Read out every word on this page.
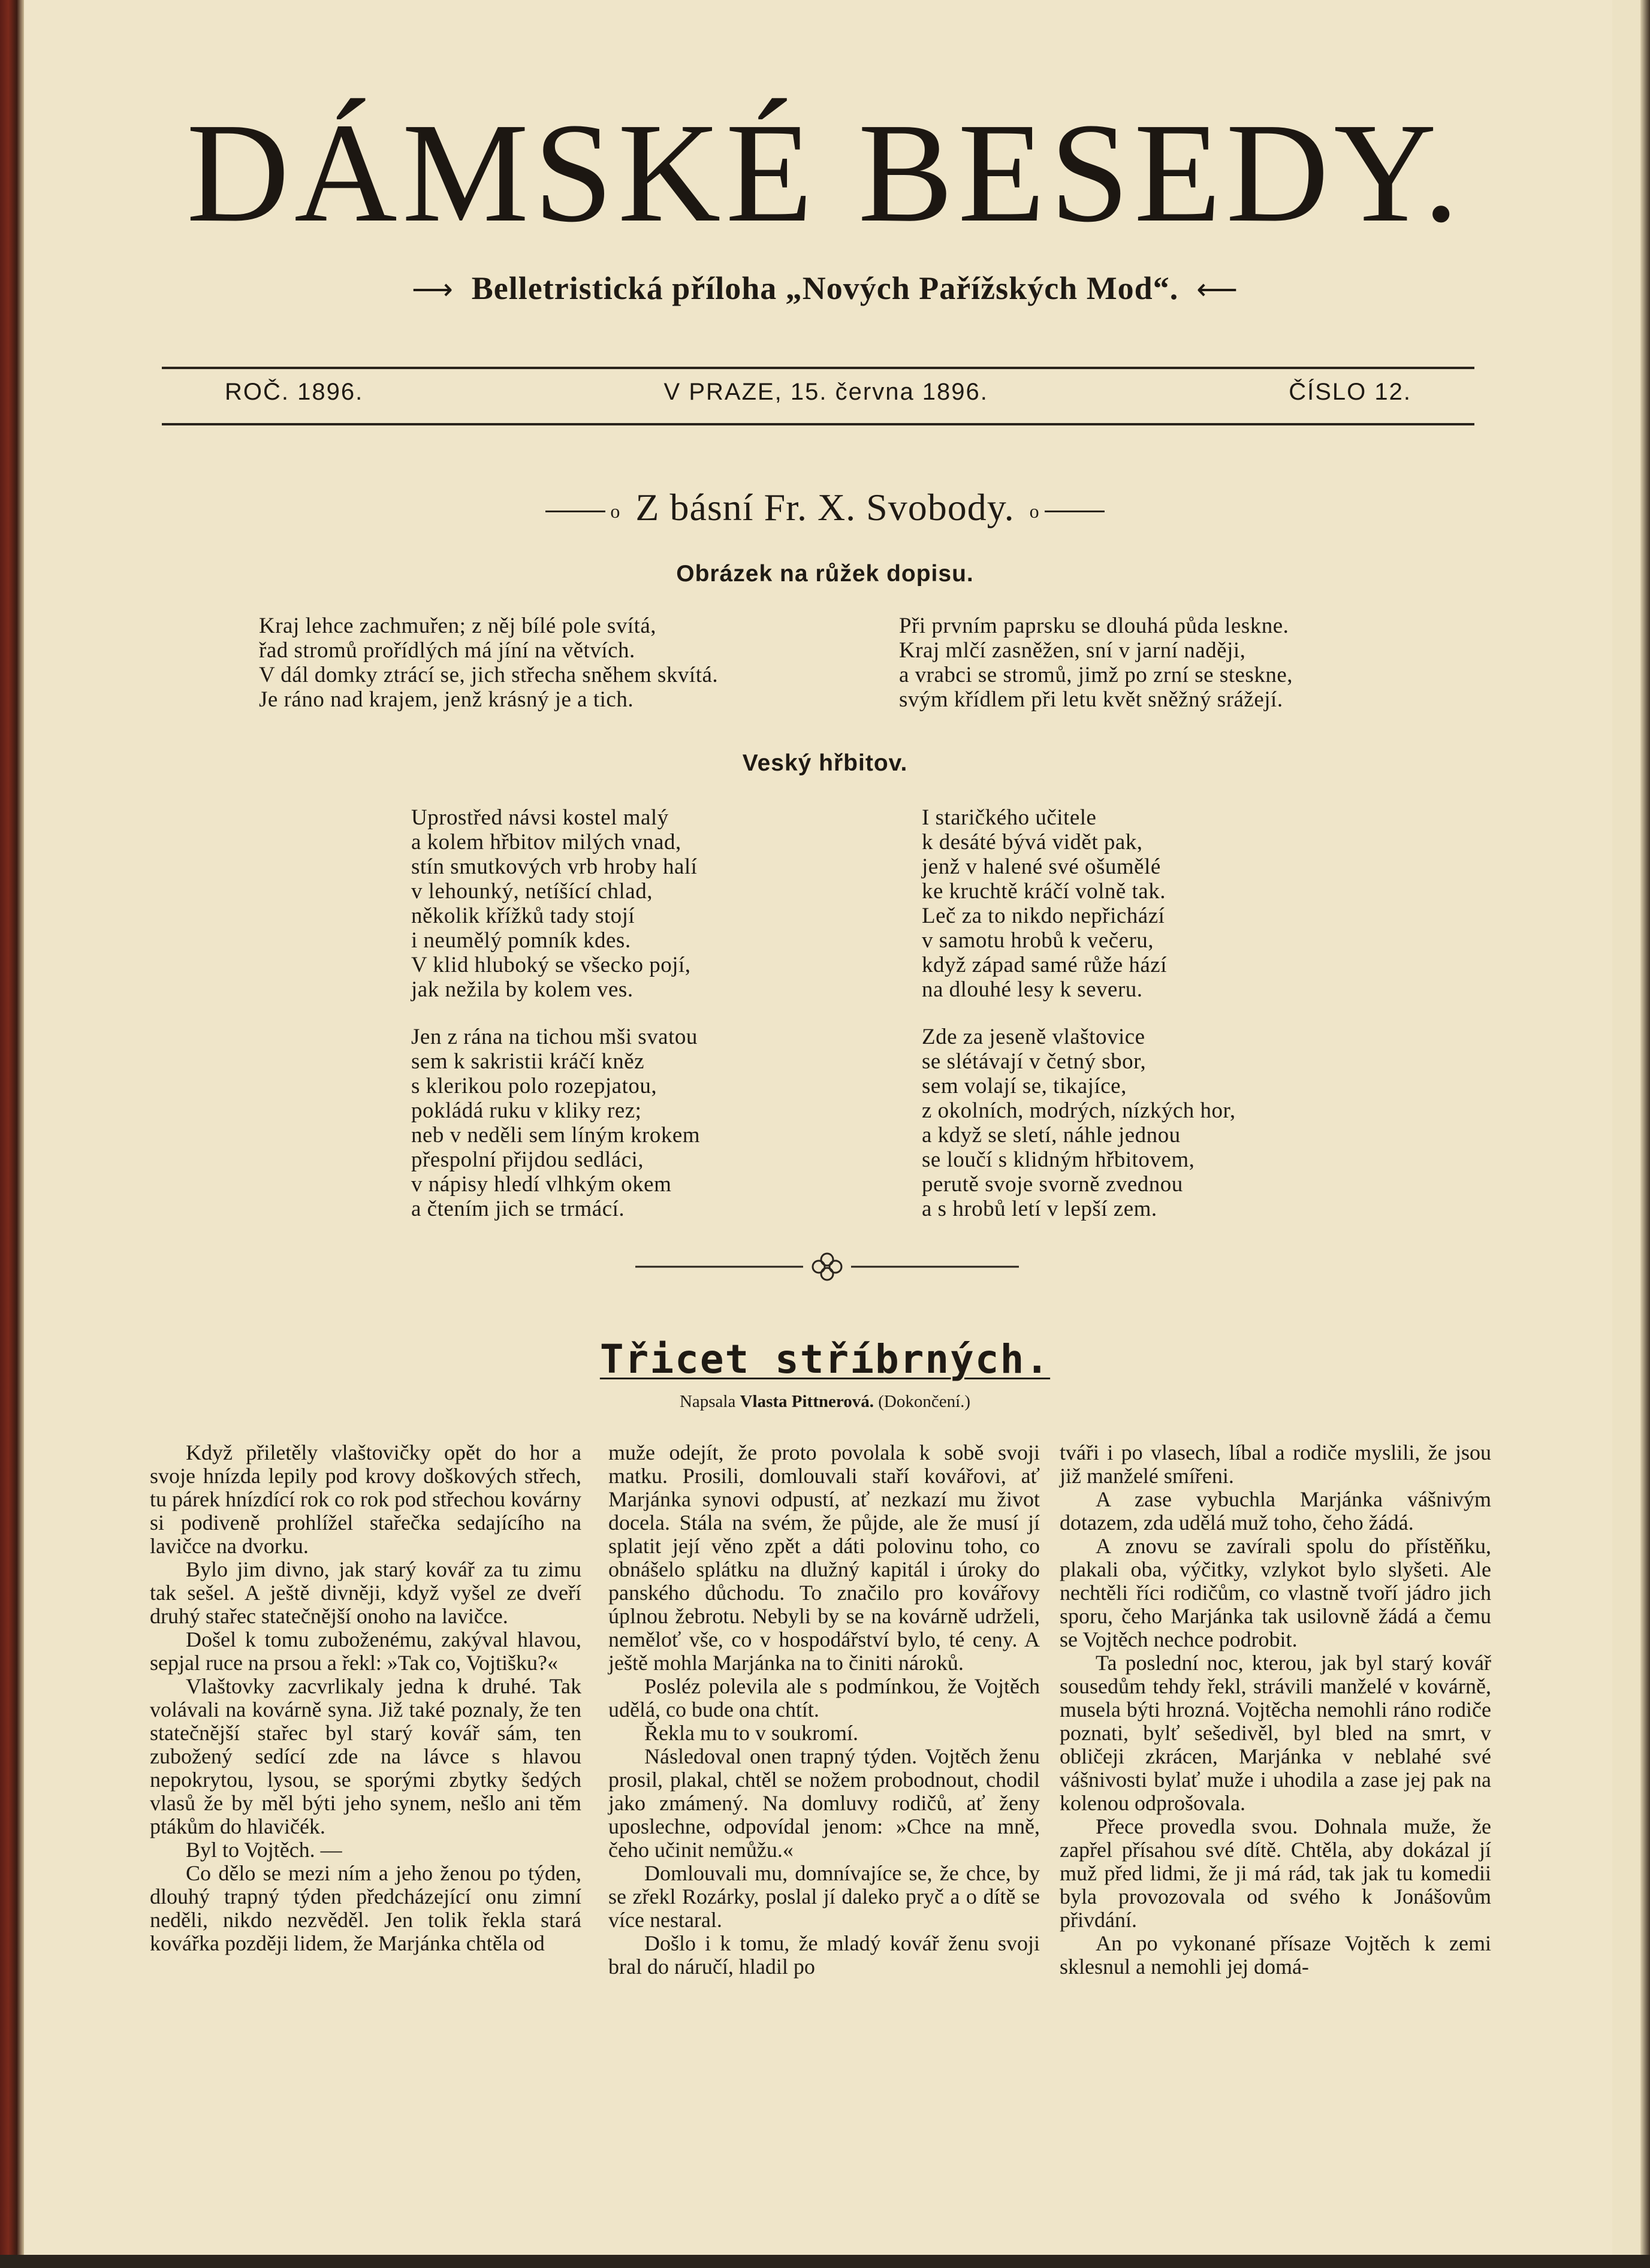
DÁMSKÉ BESEDY.
⟶ Belletristická příloha „Nových Pařížských Mod“. ⟵
ROČ. 1896.	V PRAZE, 15. června 1896.	ČÍSLO 12.
o Z básní Fr. X. Svobody. o
Obrázek na růžek dopisu.
Kraj lehce zachmuřen; z něj bílé pole svítá,
řad stromů prořídlých má jíní na větvích.
V dál domky ztrácí se, jich střecha sněhem skvítá.
Je ráno nad krajem, jenž krásný je a tich.
Při prvním paprsku se dlouhá půda leskne.
Kraj mlčí zasněžen, sní v jarní naději,
a vrabci se stromů, jimž po zrní se steskne,
svým křídlem při letu květ sněžný srážejí.
Veský hřbitov.
Uprostřed návsi kostel malý
a kolem hřbitov milých vnad,
stín smutkových vrb hroby halí
v lehounký, netíšící chlad,
několik křížků tady stojí
i neumělý pomník kdes.
V klid hluboký se všecko pojí,
jak nežila by kolem ves.
I staričkého učitele
k desáté bývá vidět pak,
jenž v halené své ošumělé
ke kruchtě kráčí volně tak.
Leč za to nikdo nepřichází
v samotu hrobů k večeru,
když západ samé růže hází
na dlouhé lesy k severu.
Jen z rána na tichou mši svatou
sem k sakristii kráčí kněz
s klerikou polo rozepjatou,
pokládá ruku v kliky rez;
neb v neděli sem líným krokem
přespolní přijdou sedláci,
v nápisy hledí vlhkým okem
a čtením jich se trmácí.
Zde za jeseně vlaštovice
se slétávají v četný sbor,
sem volají se, tikajíce,
z okolních, modrých, nízkých hor,
a když se sletí, náhle jednou
se loučí s klidným hřbitovem,
perutě svoje svorně zvednou
a s hrobů letí v lepší zem.
Třicet stříbrných.
Napsala Vlasta Pittnerová. (Dokončení.)

Když přiletěly vlaštovičky opět do hor a svoje hnízda lepily pod krovy doškových střech, tu párek hnízdící rok co rok pod střechou kovárny si podiveně prohlížel stařečka sedajícího na lavičce na dvorku.

Bylo jim divno, jak starý kovář za tu zimu tak sešel. A ještě divněji, když vyšel ze dveří druhý stařec statečnější onoho na lavičce.

Došel k tomu zuboženému, zakýval hlavou, sepjal ruce na prsou a řekl: »Tak co, Vojtišku?«

Vlaštovky zacvrlikaly jedna k druhé. Tak volávali na kovárně syna. Již také poznaly, že ten statečnější stařec byl starý kovář sám, ten zubožený sedící zde na lávce s hlavou nepokrytou, lysou, se sporými zbytky šedých vlasů že by měl býti jeho synem, nešlo ani těm ptákům do hlavičék.

Byl to Vojtěch. —

Co dělo se mezi ním a jeho ženou po týden, dlouhý trapný týden předcházející onu zimní neděli, nikdo nezvěděl. Jen tolik řekla stará kovářka později lidem, že Marjánka chtěla od

muže odejít, že proto povolala k sobě svoji matku. Prosili, domlouvali staří kovářovi, ať Marjánka synovi odpustí, ať nezkazí mu život docela. Stála na svém, že půjde, ale že musí jí splatit její věno zpět a dáti polovinu toho, co obnášelo splátku na dlužný kapitál i úroky do panského důchodu. To značilo pro kovářovy úplnou žebrotu. Nebyli by se na kovárně udrželi, neměloť vše, co v hospodářství bylo, té ceny. A ještě mohla Marjánka na to činiti nároků.

Posléz polevila ale s podmínkou, že Vojtěch udělá, co bude ona chtít.

Řekla mu to v soukromí.

Následoval onen trapný týden. Vojtěch ženu prosil, plakal, chtěl se nožem probodnout, chodil jako zmámený. Na domluvy rodičů, ať ženy uposlechne, odpovídal jenom: »Chce na mně, čeho učinit nemůžu.«

Domlouvali mu, domnívajíce se, že chce, by se zřekl Rozárky, poslal jí daleko pryč a o dítě se více nestaral.

Došlo i k tomu, že mladý kovář ženu svoji bral do náručí, hladil po

tváři i po vlasech, líbal a rodiče myslili, že jsou již manželé smířeni.

A zase vybuchla Marjánka vášnivým dotazem, zda udělá muž toho, čeho žádá.

A znovu se zavírali spolu do přístěňku, plakali oba, výčitky, vzlykot bylo slyšeti. Ale nechtěli říci rodičům, co vlastně tvoří jádro jich sporu, čeho Marjánka tak usilovně žádá a čemu se Vojtěch nechce podrobit.

Ta poslední noc, kterou, jak byl starý kovář sousedům tehdy řekl, strávili manželé v kovárně, musela býti hrozná. Vojtěcha nemohli ráno rodiče poznati, bylť sešedivěl, byl bled na smrt, v obličeji zkrácen, Marjánka v neblahé své vášnivosti bylať muže i uhodila a zase jej pak na kolenou odprošovala.

Přece provedla svou. Dohnala muže, že zapřel přísahou své dítě. Chtěla, aby dokázal jí muž před lidmi, že ji má rád, tak jak tu komedii byla provozovala od svého k Jonášovům přivdání.

An po vykonané přísaze Vojtěch k zemi sklesnul a nemohli jej domá-
